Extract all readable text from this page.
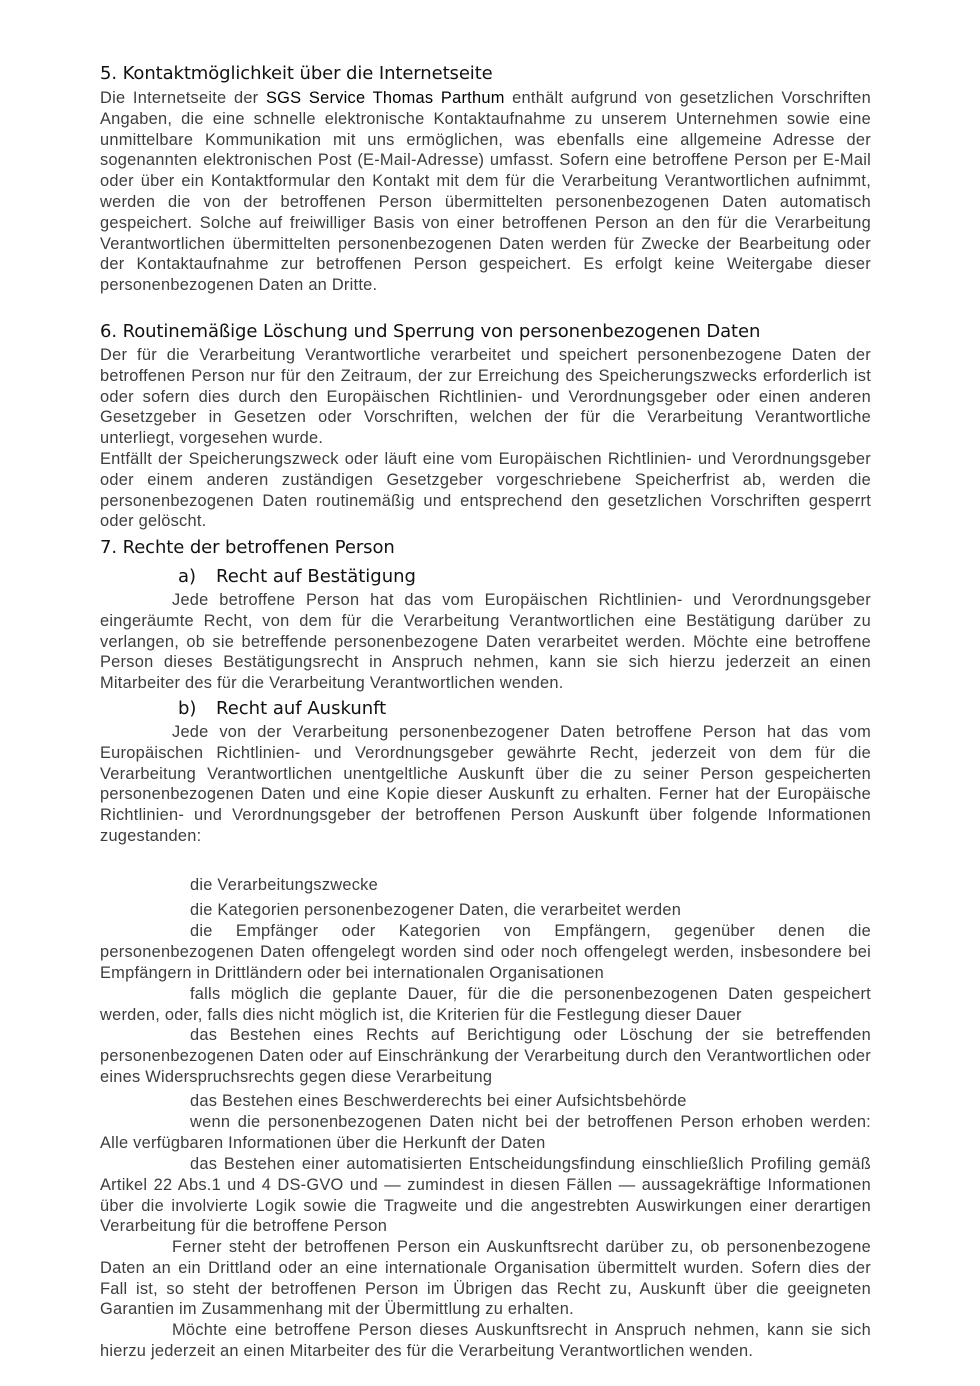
5. Kontaktmöglichkeit über die Internetseite

Die Internetseite der SGS Service Thomas Parthum enthält aufgrund von gesetzlichen Vorschriften Angaben, die eine schnelle elektronische Kontaktaufnahme zu unserem Unternehmen sowie eine unmittelbare Kommunikation mit uns ermöglichen, was ebenfalls eine allgemeine Adresse der sogenannten elektronischen Post (E-Mail-Adresse) umfasst. Sofern eine betroffene Person per E-Mail oder über ein Kontaktformular den Kontakt mit dem für die Verarbeitung Verantwortlichen aufnimmt, werden die von der betroffenen Person übermittelten personenbezogenen Daten automatisch gespeichert. Solche auf freiwilliger Basis von einer betroffenen Person an den für die Verarbeitung Verantwortlichen übermittelten personenbezogenen Daten werden für Zwecke der Bearbeitung oder der Kontaktaufnahme zur betroffenen Person gespeichert. Es erfolgt keine Weitergabe dieser personenbezogenen Daten an Dritte.

6. Routinemäßige Löschung und Sperrung von personenbezogenen Daten

Der für die Verarbeitung Verantwortliche verarbeitet und speichert personenbezogene Daten der betroffenen Person nur für den Zeitraum, der zur Erreichung des Speicherungszwecks erforderlich ist oder sofern dies durch den Europäischen Richtlinien- und Verordnungsgeber oder einen anderen Gesetzgeber in Gesetzen oder Vorschriften, welchen der für die Verarbeitung Verantwortliche unterliegt, vorgesehen wurde.

Entfällt der Speicherungszweck oder läuft eine vom Europäischen Richtlinien- und Verordnungsgeber oder einem anderen zuständigen Gesetzgeber vorgeschriebene Speicherfrist ab, werden die personenbezogenen Daten routinemäßig und entsprechend den gesetzlichen Vorschriften gesperrt oder gelöscht.

7. Rechte der betroffenen Person
a) Recht auf Bestätigung

Jede betroffene Person hat das vom Europäischen Richtlinien- und Verordnungsgeber eingeräumte Recht, von dem für die Verarbeitung Verantwortlichen eine Bestätigung darüber zu verlangen, ob sie betreffende personenbezogene Daten verarbeitet werden. Möchte eine betroffene Person dieses Bestätigungsrecht in Anspruch nehmen, kann sie sich hierzu jederzeit an einen Mitarbeiter des für die Verarbeitung Verantwortlichen wenden.

b) Recht auf Auskunft

Jede von der Verarbeitung personenbezogener Daten betroffene Person hat das vom Europäischen Richtlinien- und Verordnungsgeber gewährte Recht, jederzeit von dem für die Verarbeitung Verantwortlichen unentgeltliche Auskunft über die zu seiner Person gespeicherten personenbezogenen Daten und eine Kopie dieser Auskunft zu erhalten. Ferner hat der Europäische Richtlinien- und Verordnungsgeber der betroffenen Person Auskunft über folgende Informationen zugestanden:

die Verarbeitungszwecke

die Kategorien personenbezogener Daten, die verarbeitet werden

die Empfänger oder Kategorien von Empfängern, gegenüber denen die personenbezogenen Daten offengelegt worden sind oder noch offengelegt werden, insbesondere bei Empfängern in Drittländern oder bei internationalen Organisationen

falls möglich die geplante Dauer, für die die personenbezogenen Daten gespeichert werden, oder, falls dies nicht möglich ist, die Kriterien für die Festlegung dieser Dauer

das Bestehen eines Rechts auf Berichtigung oder Löschung der sie betreffenden personenbezogenen Daten oder auf Einschränkung der Verarbeitung durch den Verantwortlichen oder eines Widerspruchsrechts gegen diese Verarbeitung

das Bestehen eines Beschwerderechts bei einer Aufsichtsbehörde

wenn die personenbezogenen Daten nicht bei der betroffenen Person erhoben werden: Alle verfügbaren Informationen über die Herkunft der Daten

das Bestehen einer automatisierten Entscheidungsfindung einschließlich Profiling gemäß Artikel 22 Abs.1 und 4 DS-GVO und — zumindest in diesen Fällen — aussagekräftige Informationen über die involvierte Logik sowie die Tragweite und die angestrebten Auswirkungen einer derartigen Verarbeitung für die betroffene Person

Ferner steht der betroffenen Person ein Auskunftsrecht darüber zu, ob personenbezogene Daten an ein Drittland oder an eine internationale Organisation übermittelt wurden. Sofern dies der Fall ist, so steht der betroffenen Person im Übrigen das Recht zu, Auskunft über die geeigneten Garantien im Zusammenhang mit der Übermittlung zu erhalten.

Möchte eine betroffene Person dieses Auskunftsrecht in Anspruch nehmen, kann sie sich hierzu jederzeit an einen Mitarbeiter des für die Verarbeitung Verantwortlichen wenden.
